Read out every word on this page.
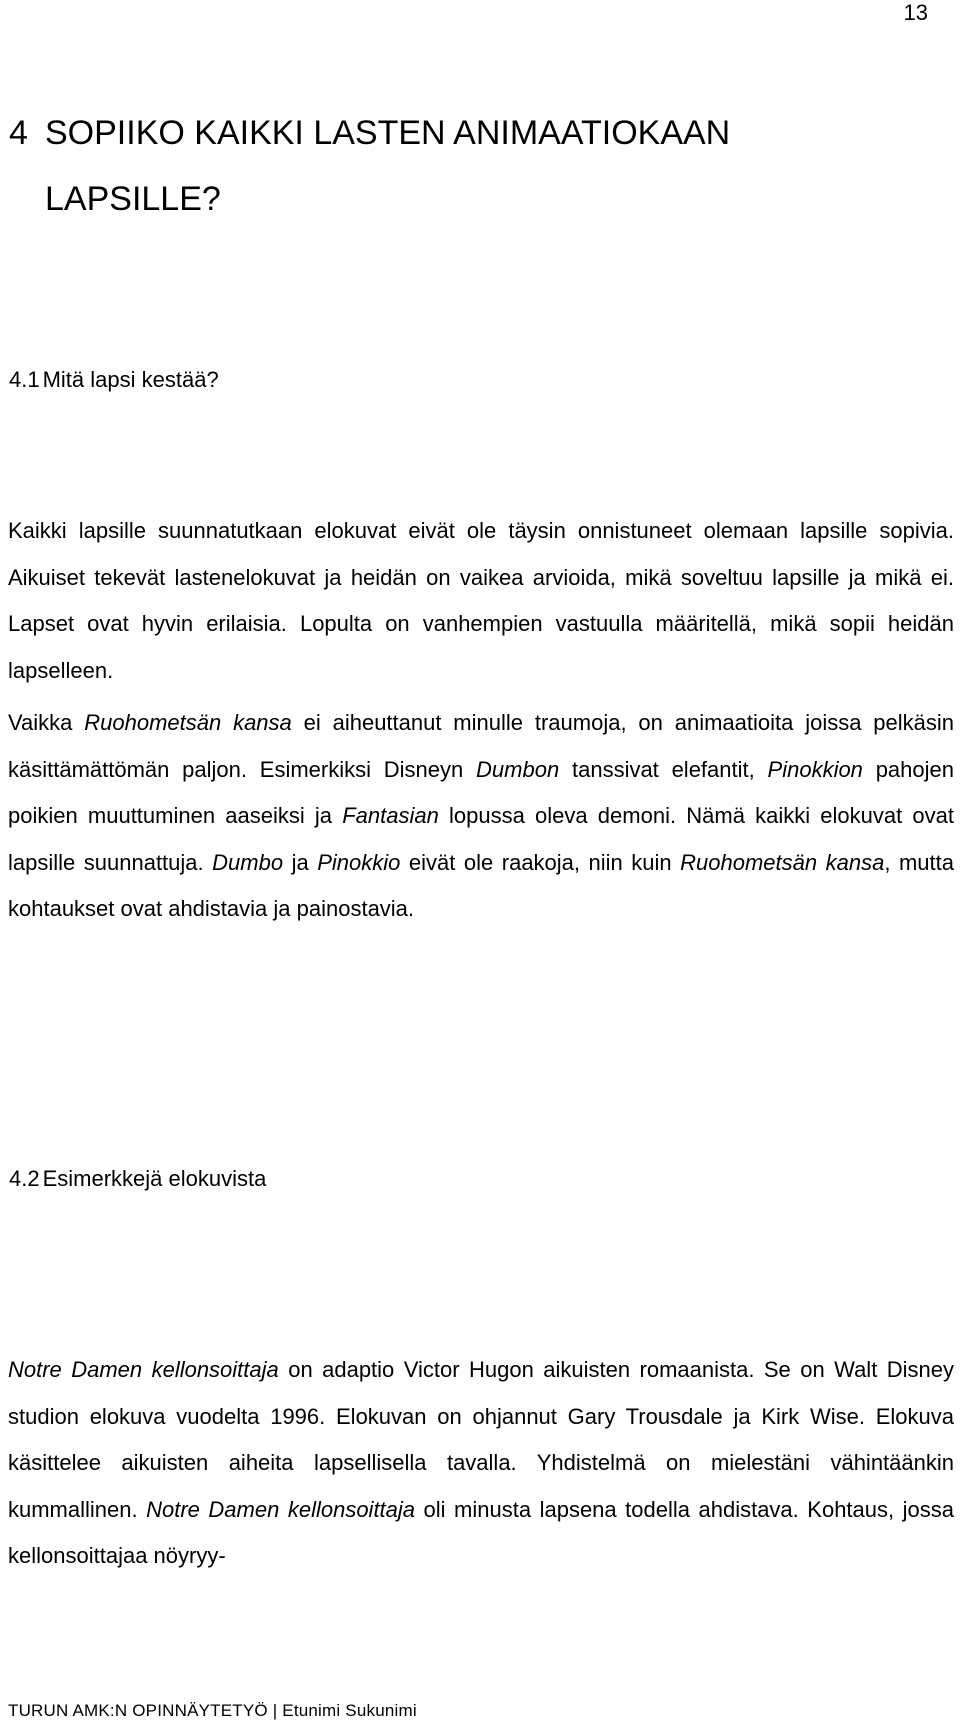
13
4 SOPIIKO KAIKKI LASTEN ANIMAATIOKAAN LAPSILLE?
4.1 Mitä lapsi kestää?

Kaikki lapsille suunnatutkaan elokuvat eivät ole täysin onnistuneet olemaan lapsille sopivia. Aikuiset tekevät lastenelokuvat ja heidän on vaikea arvioida, mikä soveltuu lapsille ja mikä ei. Lapset ovat hyvin erilaisia. Lopulta on vanhempien vastuulla määritellä, mikä sopii heidän lapselleen.

Vaikka Ruohometsän kansa ei aiheuttanut minulle traumoja, on animaatioita joissa pelkäsin käsittämättömän paljon. Esimerkiksi Disneyn Dumbon tanssivat elefantit, Pinokkion pahojen poikien muuttuminen aaseiksi ja Fantasian lopussa oleva demoni. Nämä kaikki elokuvat ovat lapsille suunnattuja. Dumbo ja Pinokkio eivät ole raakoja, niin kuin Ruohometsän kansa, mutta kohtaukset ovat ahdistavia ja painostavia.

4.2 Esimerkkejä elokuvista

Notre Damen kellonsoittaja on adaptio Victor Hugon aikuisten romaanista. Se on Walt Disney studion elokuva vuodelta 1996. Elokuvan on ohjannut Gary Trousdale ja Kirk Wise. Elokuva käsittelee aikuisten aiheita lapsellisella tavalla. Yhdistelmä on mielestäni vähintäänkin kummallinen. Notre Damen kellonsoittaja oli minusta lapsena todella ahdistava. Kohtaus, jossa kellonsoittajaa nöyryy-

TURUN AMK:N OPINNÄYTETYÖ | Etunimi Sukunimi
